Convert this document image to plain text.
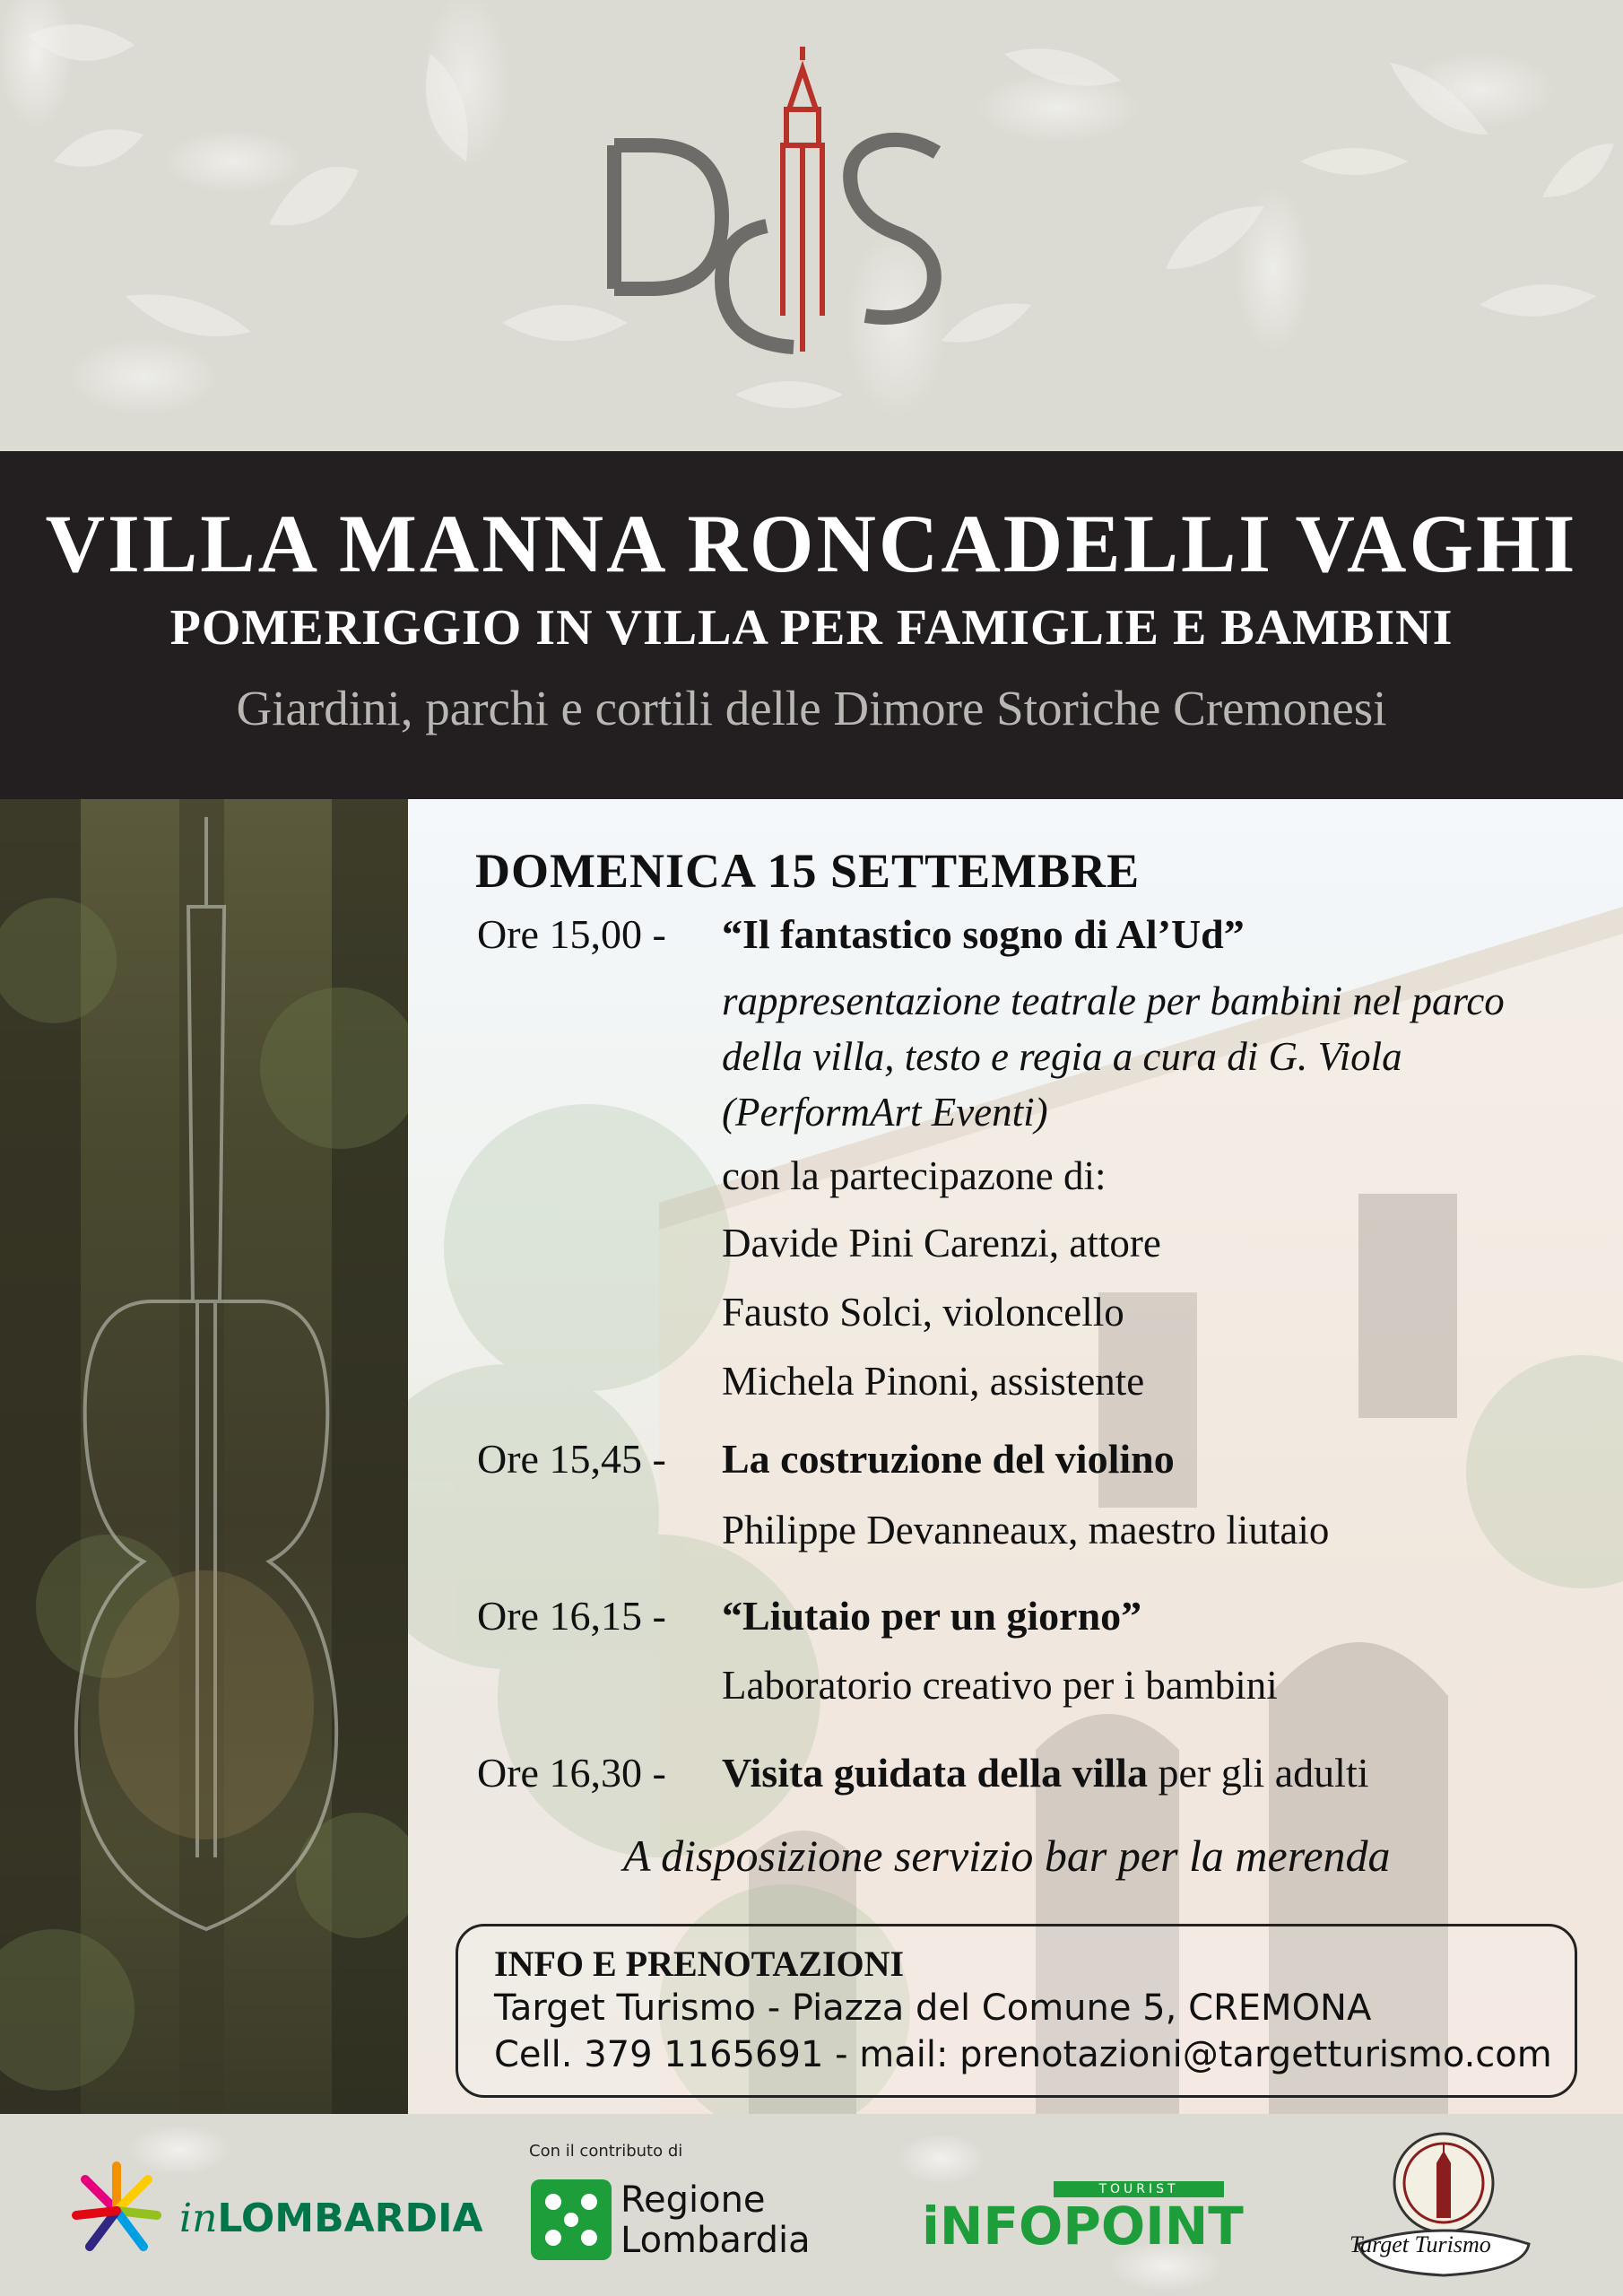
VILLA MANNA RONCADELLI VAGHI
POMERIGGIO IN VILLA PER FAMIGLIE E BAMBINI
Giardini, parchi e cortili delle Dimore Storiche Cremonesi
DOMENICA 15 SETTEMBRE
Ore 15,00 - “Il fantastico sogno di Al’Ud”
rappresentazione teatrale per bambini nel parco
della villa, testo e regia a cura di G. Viola
(PerformArt Eventi)
con la partecipazone di:
Davide Pini Carenzi, attore
Fausto Solci, violoncello
Michela Pinoni, assistente
Ore 15,45 - La costruzione del violino
Philippe Devanneaux, maestro liutaio
Ore 16,15 - “Liutaio per un giorno”
Laboratorio creativo per i bambini
Ore 16,30 - Visita guidata della villa per gli adulti
A disposizione servizio bar per la merenda
INFO E PRENOTAZIONI
Target Turismo - Piazza del Comune 5, CREMONA
Cell. 379 1165691 - mail: prenotazioni@targetturismo.com
inLOMBARDIA
Con il contributo di
Regione
Lombardia
TOURIST
iNFOPOINT	Target Turismo
